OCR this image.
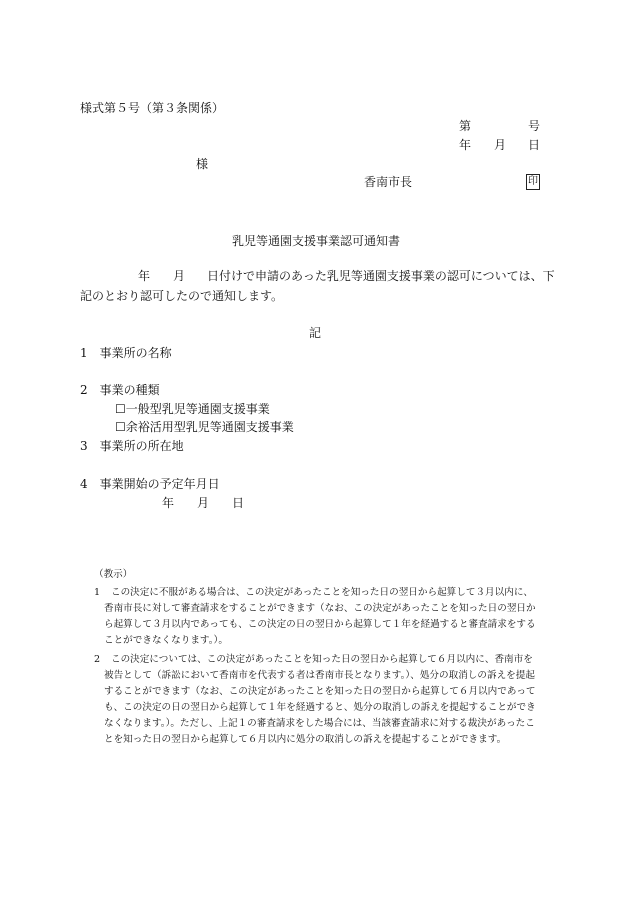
様式第５号（第３条関係）
第	号
年 月 日
様
香南市長	印
乳児等通園支援事業認可通知書
年 月 日付けで申請のあった乳児等通園支援事業の認可については、下
記のとおり認可したので通知します。
記
1　事業所の名称
2　事業の種類
☐一般型乳児等通園支援事業
☐余裕活用型乳児等通園支援事業
3　事業所の所在地
4　事業開始の予定年月日
年 月 日
（教示）
1 この決定に不服がある場合は、この決定があったことを知った日の翌日から起算して３月以内に、
香南市長に対して審査請求をすることができます（なお、この決定があったことを知った日の翌日か
ら起算して３月以内であっても、この決定の日の翌日から起算して１年を経過すると審査請求をする
ことができなくなります。）。
2 この決定については、この決定があったことを知った日の翌日から起算して６月以内に、香南市を
被告として（訴訟において香南市を代表する者は香南市長となります。）、処分の取消しの訴えを提起
することができます（なお、この決定があったことを知った日の翌日から起算して６月以内であって
も、この決定の日の翌日から起算して１年を経過すると、処分の取消しの訴えを提起することができ
なくなります。）。ただし、上記１の審査請求をした場合には、当該審査請求に対する裁決があったこ
とを知った日の翌日から起算して６月以内に処分の取消しの訴えを提起することができます。
